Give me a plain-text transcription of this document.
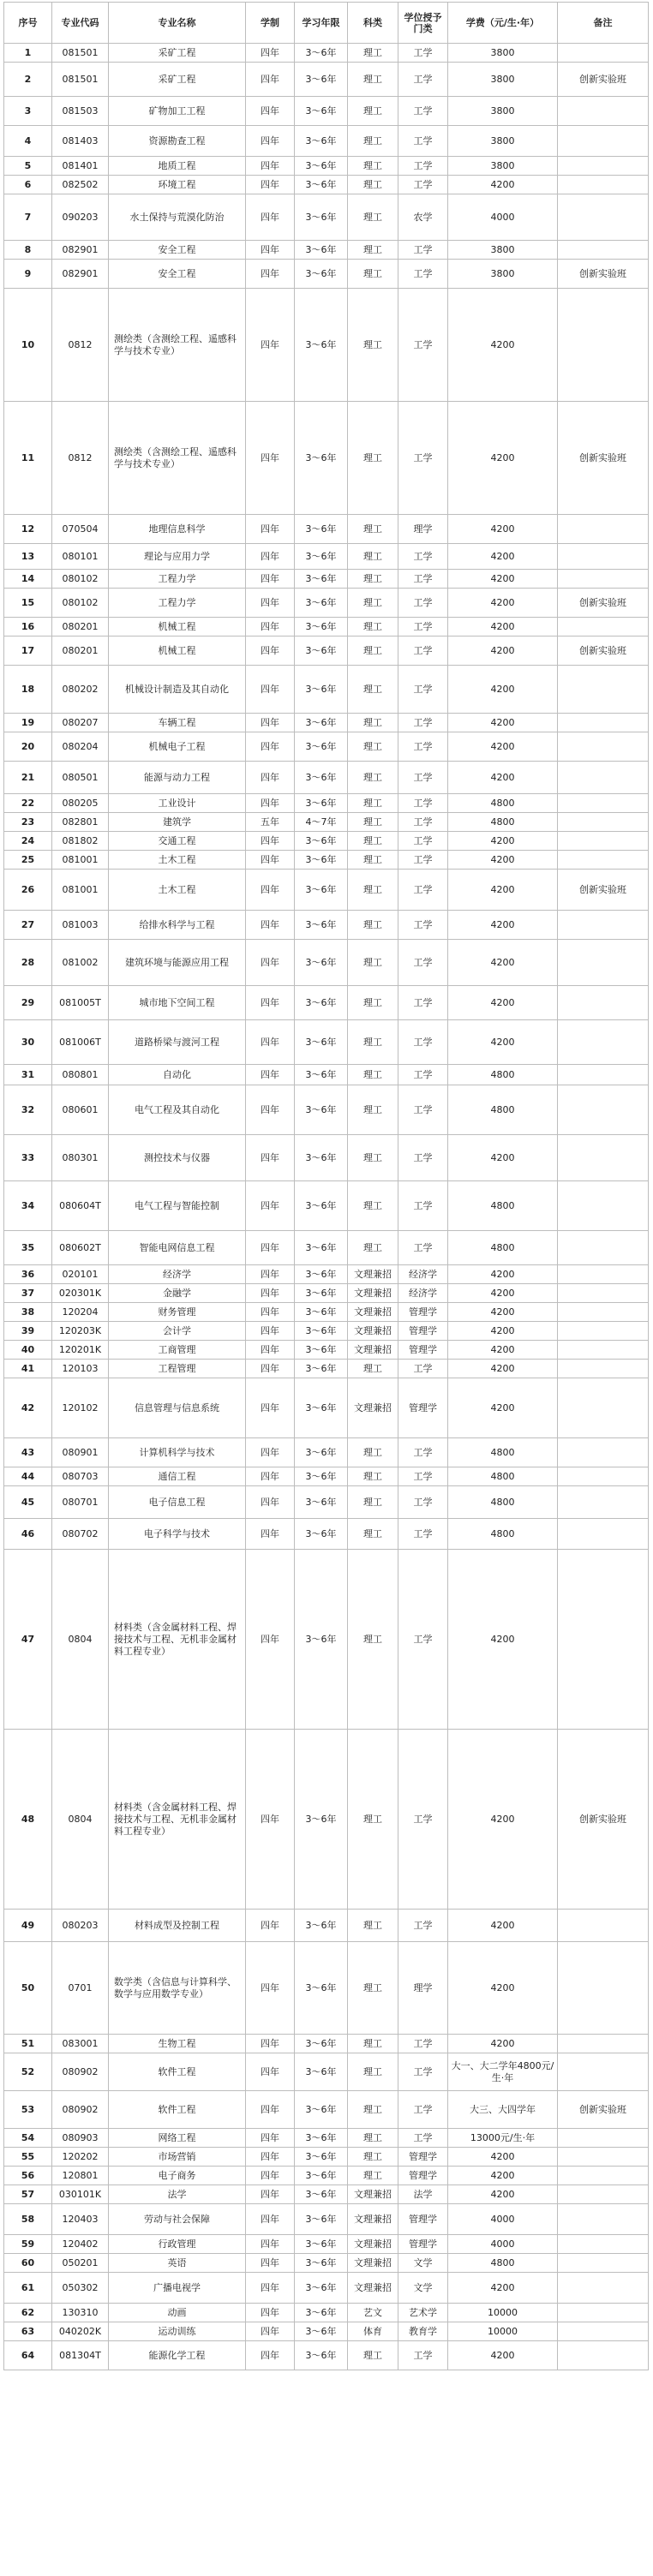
序号	专业代码	专业名称	学制	学习年限	科类	学位授予门类	学费（元/生·年）	备注
1	081501	采矿工程	四年	3～6年	理工	工学	3800	
2	081501	采矿工程	四年	3～6年	理工	工学	3800	创新实验班
3	081503	矿物加工工程	四年	3～6年	理工	工学	3800	
4	081403	资源勘查工程	四年	3～6年	理工	工学	3800	
5	081401	地质工程	四年	3～6年	理工	工学	3800	
6	082502	环境工程	四年	3～6年	理工	工学	4200	
7	090203	水土保持与荒漠化防治	四年	3～6年	理工	农学	4000	
8	082901	安全工程	四年	3～6年	理工	工学	3800	
9	082901	安全工程	四年	3～6年	理工	工学	3800	创新实验班
10	0812	测绘类（含测绘工程、遥感科学与技术专业）	四年	3～6年	理工	工学	4200	
11	0812	测绘类（含测绘工程、遥感科学与技术专业）	四年	3～6年	理工	工学	4200	创新实验班
12	070504	地理信息科学	四年	3～6年	理工	理学	4200	
13	080101	理论与应用力学	四年	3～6年	理工	工学	4200	
14	080102	工程力学	四年	3～6年	理工	工学	4200	
15	080102	工程力学	四年	3～6年	理工	工学	4200	创新实验班
16	080201	机械工程	四年	3～6年	理工	工学	4200	
17	080201	机械工程	四年	3～6年	理工	工学	4200	创新实验班
18	080202	机械设计制造及其自动化	四年	3～6年	理工	工学	4200	
19	080207	车辆工程	四年	3～6年	理工	工学	4200	
20	080204	机械电子工程	四年	3～6年	理工	工学	4200	
21	080501	能源与动力工程	四年	3～6年	理工	工学	4200	
22	080205	工业设计	四年	3～6年	理工	工学	4800	
23	082801	建筑学	五年	4～7年	理工	工学	4800	
24	081802	交通工程	四年	3～6年	理工	工学	4200	
25	081001	土木工程	四年	3～6年	理工	工学	4200	
26	081001	土木工程	四年	3～6年	理工	工学	4200	创新实验班
27	081003	给排水科学与工程	四年	3～6年	理工	工学	4200	
28	081002	建筑环境与能源应用工程	四年	3～6年	理工	工学	4200	
29	081005T	城市地下空间工程	四年	3～6年	理工	工学	4200	
30	081006T	道路桥梁与渡河工程	四年	3～6年	理工	工学	4200	
31	080801	自动化	四年	3～6年	理工	工学	4800	
32	080601	电气工程及其自动化	四年	3～6年	理工	工学	4800	
33	080301	测控技术与仪器	四年	3～6年	理工	工学	4200	
34	080604T	电气工程与智能控制	四年	3～6年	理工	工学	4800	
35	080602T	智能电网信息工程	四年	3～6年	理工	工学	4800	
36	020101	经济学	四年	3～6年	文理兼招	经济学	4200	
37	020301K	金融学	四年	3～6年	文理兼招	经济学	4200	
38	120204	财务管理	四年	3～6年	文理兼招	管理学	4200	
39	120203K	会计学	四年	3～6年	文理兼招	管理学	4200	
40	120201K	工商管理	四年	3～6年	文理兼招	管理学	4200	
41	120103	工程管理	四年	3～6年	理工	工学	4200	
42	120102	信息管理与信息系统	四年	3～6年	文理兼招	管理学	4200	
43	080901	计算机科学与技术	四年	3～6年	理工	工学	4800	
44	080703	通信工程	四年	3～6年	理工	工学	4800	
45	080701	电子信息工程	四年	3～6年	理工	工学	4800	
46	080702	电子科学与技术	四年	3～6年	理工	工学	4800	
47	0804	材料类（含金属材料工程、焊接技术与工程、无机非金属材料工程专业）	四年	3～6年	理工	工学	4200	
48	0804	材料类（含金属材料工程、焊接技术与工程、无机非金属材料工程专业）	四年	3～6年	理工	工学	4200	创新实验班
49	080203	材料成型及控制工程	四年	3～6年	理工	工学	4200	
50	0701	数学类（含信息与计算科学、数学与应用数学专业）	四年	3～6年	理工	理学	4200	
51	083001	生物工程	四年	3～6年	理工	工学	4200	
52	080902	软件工程	四年	3～6年	理工	工学	大一、大二学年4800元/生·年	
53	080902	软件工程	四年	3～6年	理工	工学	大三、大四学年	创新实验班
54	080903	网络工程	四年	3～6年	理工	工学	13000元/生·年	
55	120202	市场营销	四年	3～6年	理工	管理学	4200	
56	120801	电子商务	四年	3～6年	理工	管理学	4200	
57	030101K	法学	四年	3～6年	文理兼招	法学	4200	
58	120403	劳动与社会保障	四年	3～6年	文理兼招	管理学	4000	
59	120402	行政管理	四年	3～6年	文理兼招	管理学	4000	
60	050201	英语	四年	3～6年	文理兼招	文学	4800	
61	050302	广播电视学	四年	3～6年	文理兼招	文学	4200	
62	130310	动画	四年	3～6年	艺文	艺术学	10000	
63	040202K	运动训练	四年	3～6年	体育	教育学	10000	
64	081304T	能源化学工程	四年	3～6年	理工	工学	4200	
